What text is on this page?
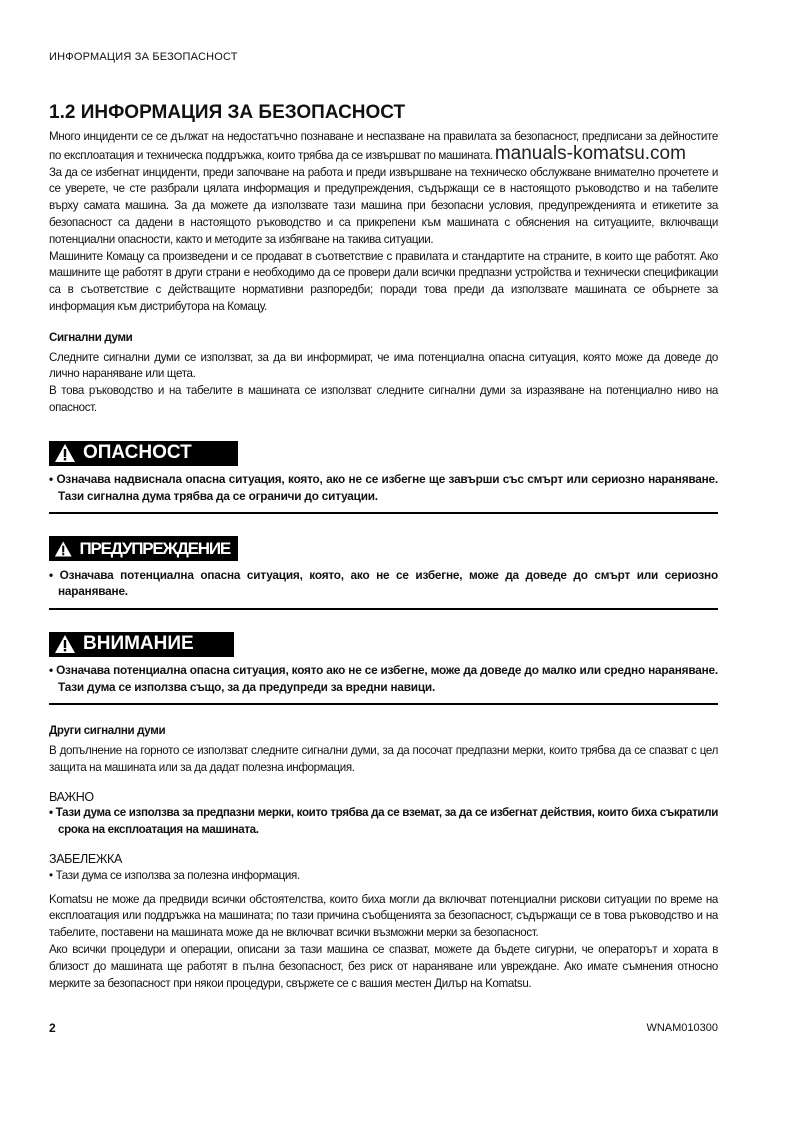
ИНФОРМАЦИЯ ЗА БЕЗОПАСНОСТ
1.2 ИНФОРМАЦИЯ ЗА БЕЗОПАСНОСТ

Много инциденти се се дължат на недостатъчно познаване и неспазване на правилата за безопасност, предписани за дейностите по експлоатация и техническа поддръжка, които трябва да се извършват по машината. manuals-komatsu.com

За да се избегнат инциденти, преди започване на работа и преди извършване на техническо обслужване внимателно прочетете и се уверете, че сте разбрали цялата информация и предупреждения, съдържащи се в настоящото ръководство и на табелите върху самата машина. За да можете да използвате тази машина при безопасни условия, предупрежденията и етикетите за безопасност са дадени в настоящото ръководство и са прикрепени към машината с обяснения на ситуациите, включващи потенциални опасности, както и методите за избягване на такива ситуации.

Машините Комацу са произведени и се продават в съответствие с правилата и стандартите на страните, в които ще работят. Ако машините ще работят в други страни е необходимо да се провери дали всички предпазни устройства и технически спецификации са в съответствие с действащите нормативни разпоредби; поради това преди да използвате машината се обърнете за информация към дистрибутора на Комацу.

Сигнални думи

Следните сигнални думи се използват, за да ви информират, че има потенциална опасна ситуация, която може да доведе до лично нараняване или щета.

В това ръководство и на табелите в машината се използват следните сигнални думи за изразяване на потенциално ниво на опасност.

ОПАСНОСТ
• Означава надвиснала опасна ситуация, която, ако не се избегне ще завърши със смърт или сериозно нараняване. Тази сигнална дума трябва да се ограничи до ситуации.
ПРЕДУПРЕЖДЕНИЕ
• Означава потенциална опасна ситуация, която, ако не се избегне, може да доведе до смърт или сериозно нараняване.
ВНИМАНИЕ
• Означава потенциална опасна ситуация, която ако не се избегне, може да доведе до малко или средно нараняване. Тази дума се използва също, за да предупреди за вредни навици.

Други сигнални думи

В допълнение на горното се използват следните сигнални думи, за да посочат предпазни мерки, които трябва да се спазват с цел защита на машината или за да дадат полезна информация.

ВАЖНО

• Тази дума се използва за предпазни мерки, които трябва да се вземат, за да се избегнат действия, които биха съкратили срока на експлоатация на машината.

ЗАБЕЛЕЖКА

• Тази дума се използва за полезна информация.

Komatsu не може да предвиди всички обстоятелства, които биха могли да включват потенциални рискови ситуации по време на експлоатация или поддръжка на машината; по тази причина съобщенията за безопасност, съдържащи се в това ръководство и на табелите, поставени на машината може да не включват всички възможни мерки за безопасност.

Ако всички процедури и операции, описани за тази машина се спазват, можете да бъдете сигурни, че операторът и хората в близост до машината ще работят в пълна безопасност, без риск от нараняване или увреждане. Ако имате съмнения относно мерките за безопасност при някои процедури, свържете се с вашия местен Дилър на Komatsu.

2	WNAM010300
